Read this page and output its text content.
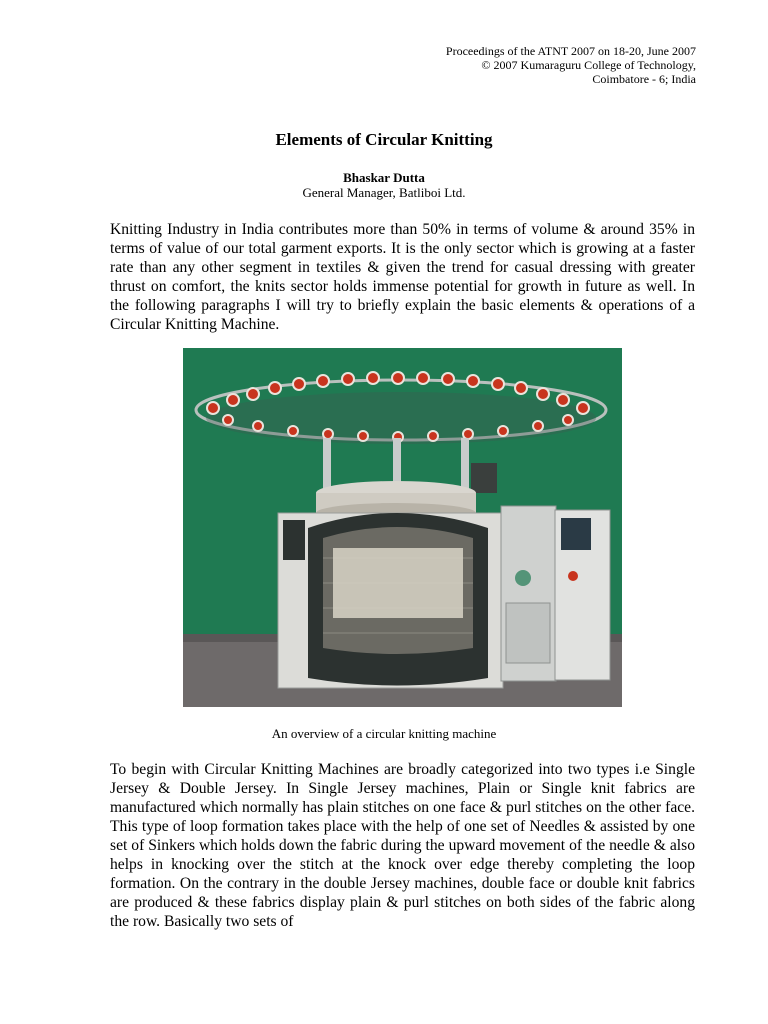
Proceedings of the ATNT 2007 on 18-20, June 2007
© 2007 Kumaraguru College of Technology,
Coimbatore - 6; India
Elements of Circular Knitting
Bhaskar Dutta
General Manager, Batliboi Ltd.

Knitting Industry in India contributes more than 50% in terms of volume & around 35% in terms of value of our total garment exports. It is the only sector which is growing at a faster rate than any other segment in textiles & given the trend for casual dressing with greater thrust on comfort, the knits sector holds immense potential for growth in future as well. In the following paragraphs I will try to briefly explain the basic elements & operations of a Circular Knitting Machine.

An overview of a circular knitting machine

To begin with Circular Knitting Machines are broadly categorized into two types i.e Single Jersey & Double Jersey. In Single Jersey machines, Plain or Single knit fabrics are manufactured which normally has plain stitches on one face & purl stitches on the other face. This type of loop formation takes place with the help of one set of Needles & assisted by one set of Sinkers which holds down the fabric during the upward movement of the needle & also helps in knocking over the stitch at the knock over edge thereby completing the loop formation. On the contrary in the double Jersey machines, double face or double knit fabrics are produced & these fabrics display plain & purl stitches on both sides of the fabric along the row. Basically two sets of
